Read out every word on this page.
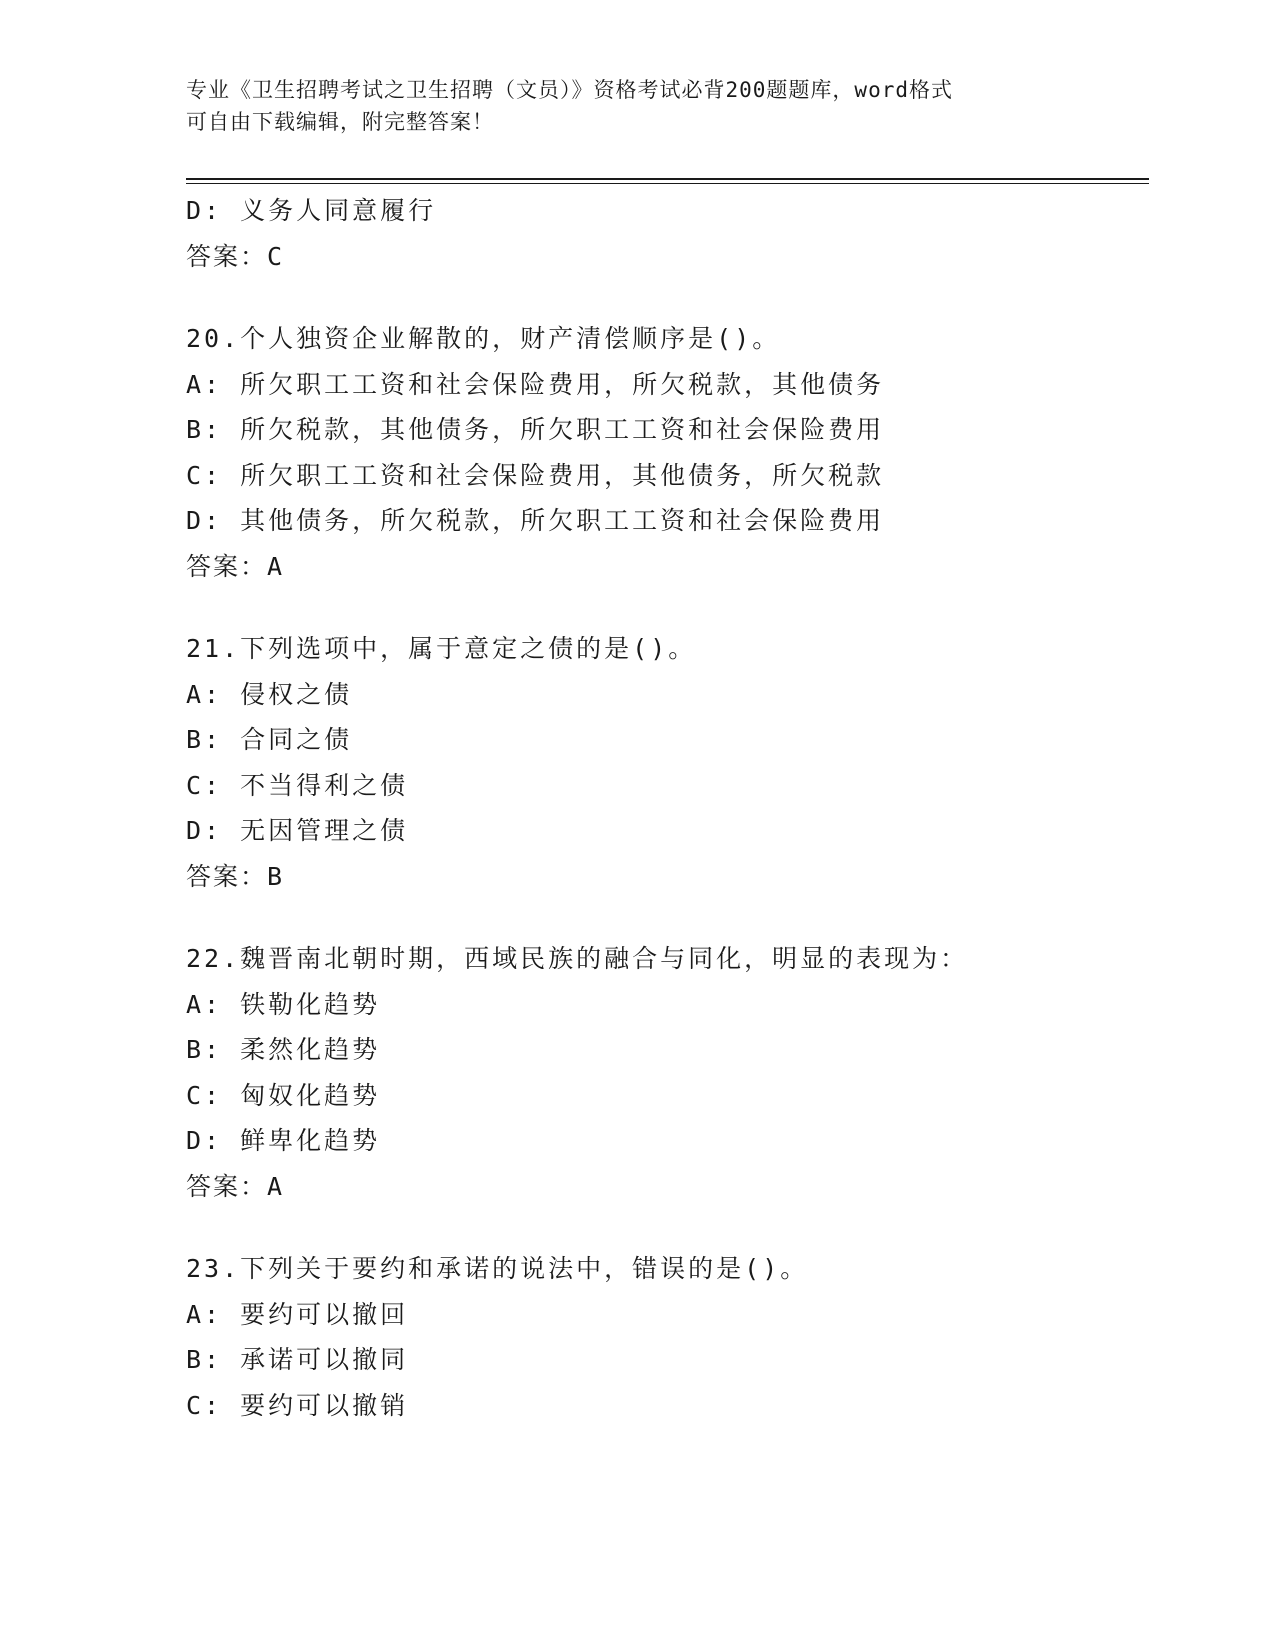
专业《卫生招聘考试之卫生招聘（文员）》资格考试必背200题题库，word格式
可自由下载编辑，附完整答案！
D: 义务人同意履行
答案：C
20.个人独资企业解散的，财产清偿顺序是()。
A: 所欠职工工资和社会保险费用，所欠税款，其他债务
B: 所欠税款，其他债务，所欠职工工资和社会保险费用
C: 所欠职工工资和社会保险费用，其他债务，所欠税款
D: 其他债务，所欠税款，所欠职工工资和社会保险费用
答案：A
21.下列选项中，属于意定之债的是()。
A: 侵权之债
B: 合同之债
C: 不当得利之债
D: 无因管理之债
答案：B
22.魏晋南北朝时期，西域民族的融合与同化，明显的表现为：
A: 铁勒化趋势
B: 柔然化趋势
C: 匈奴化趋势
D: 鲜卑化趋势
答案：A
23.下列关于要约和承诺的说法中，错误的是()。
A: 要约可以撤回
B: 承诺可以撤同
C: 要约可以撤销
